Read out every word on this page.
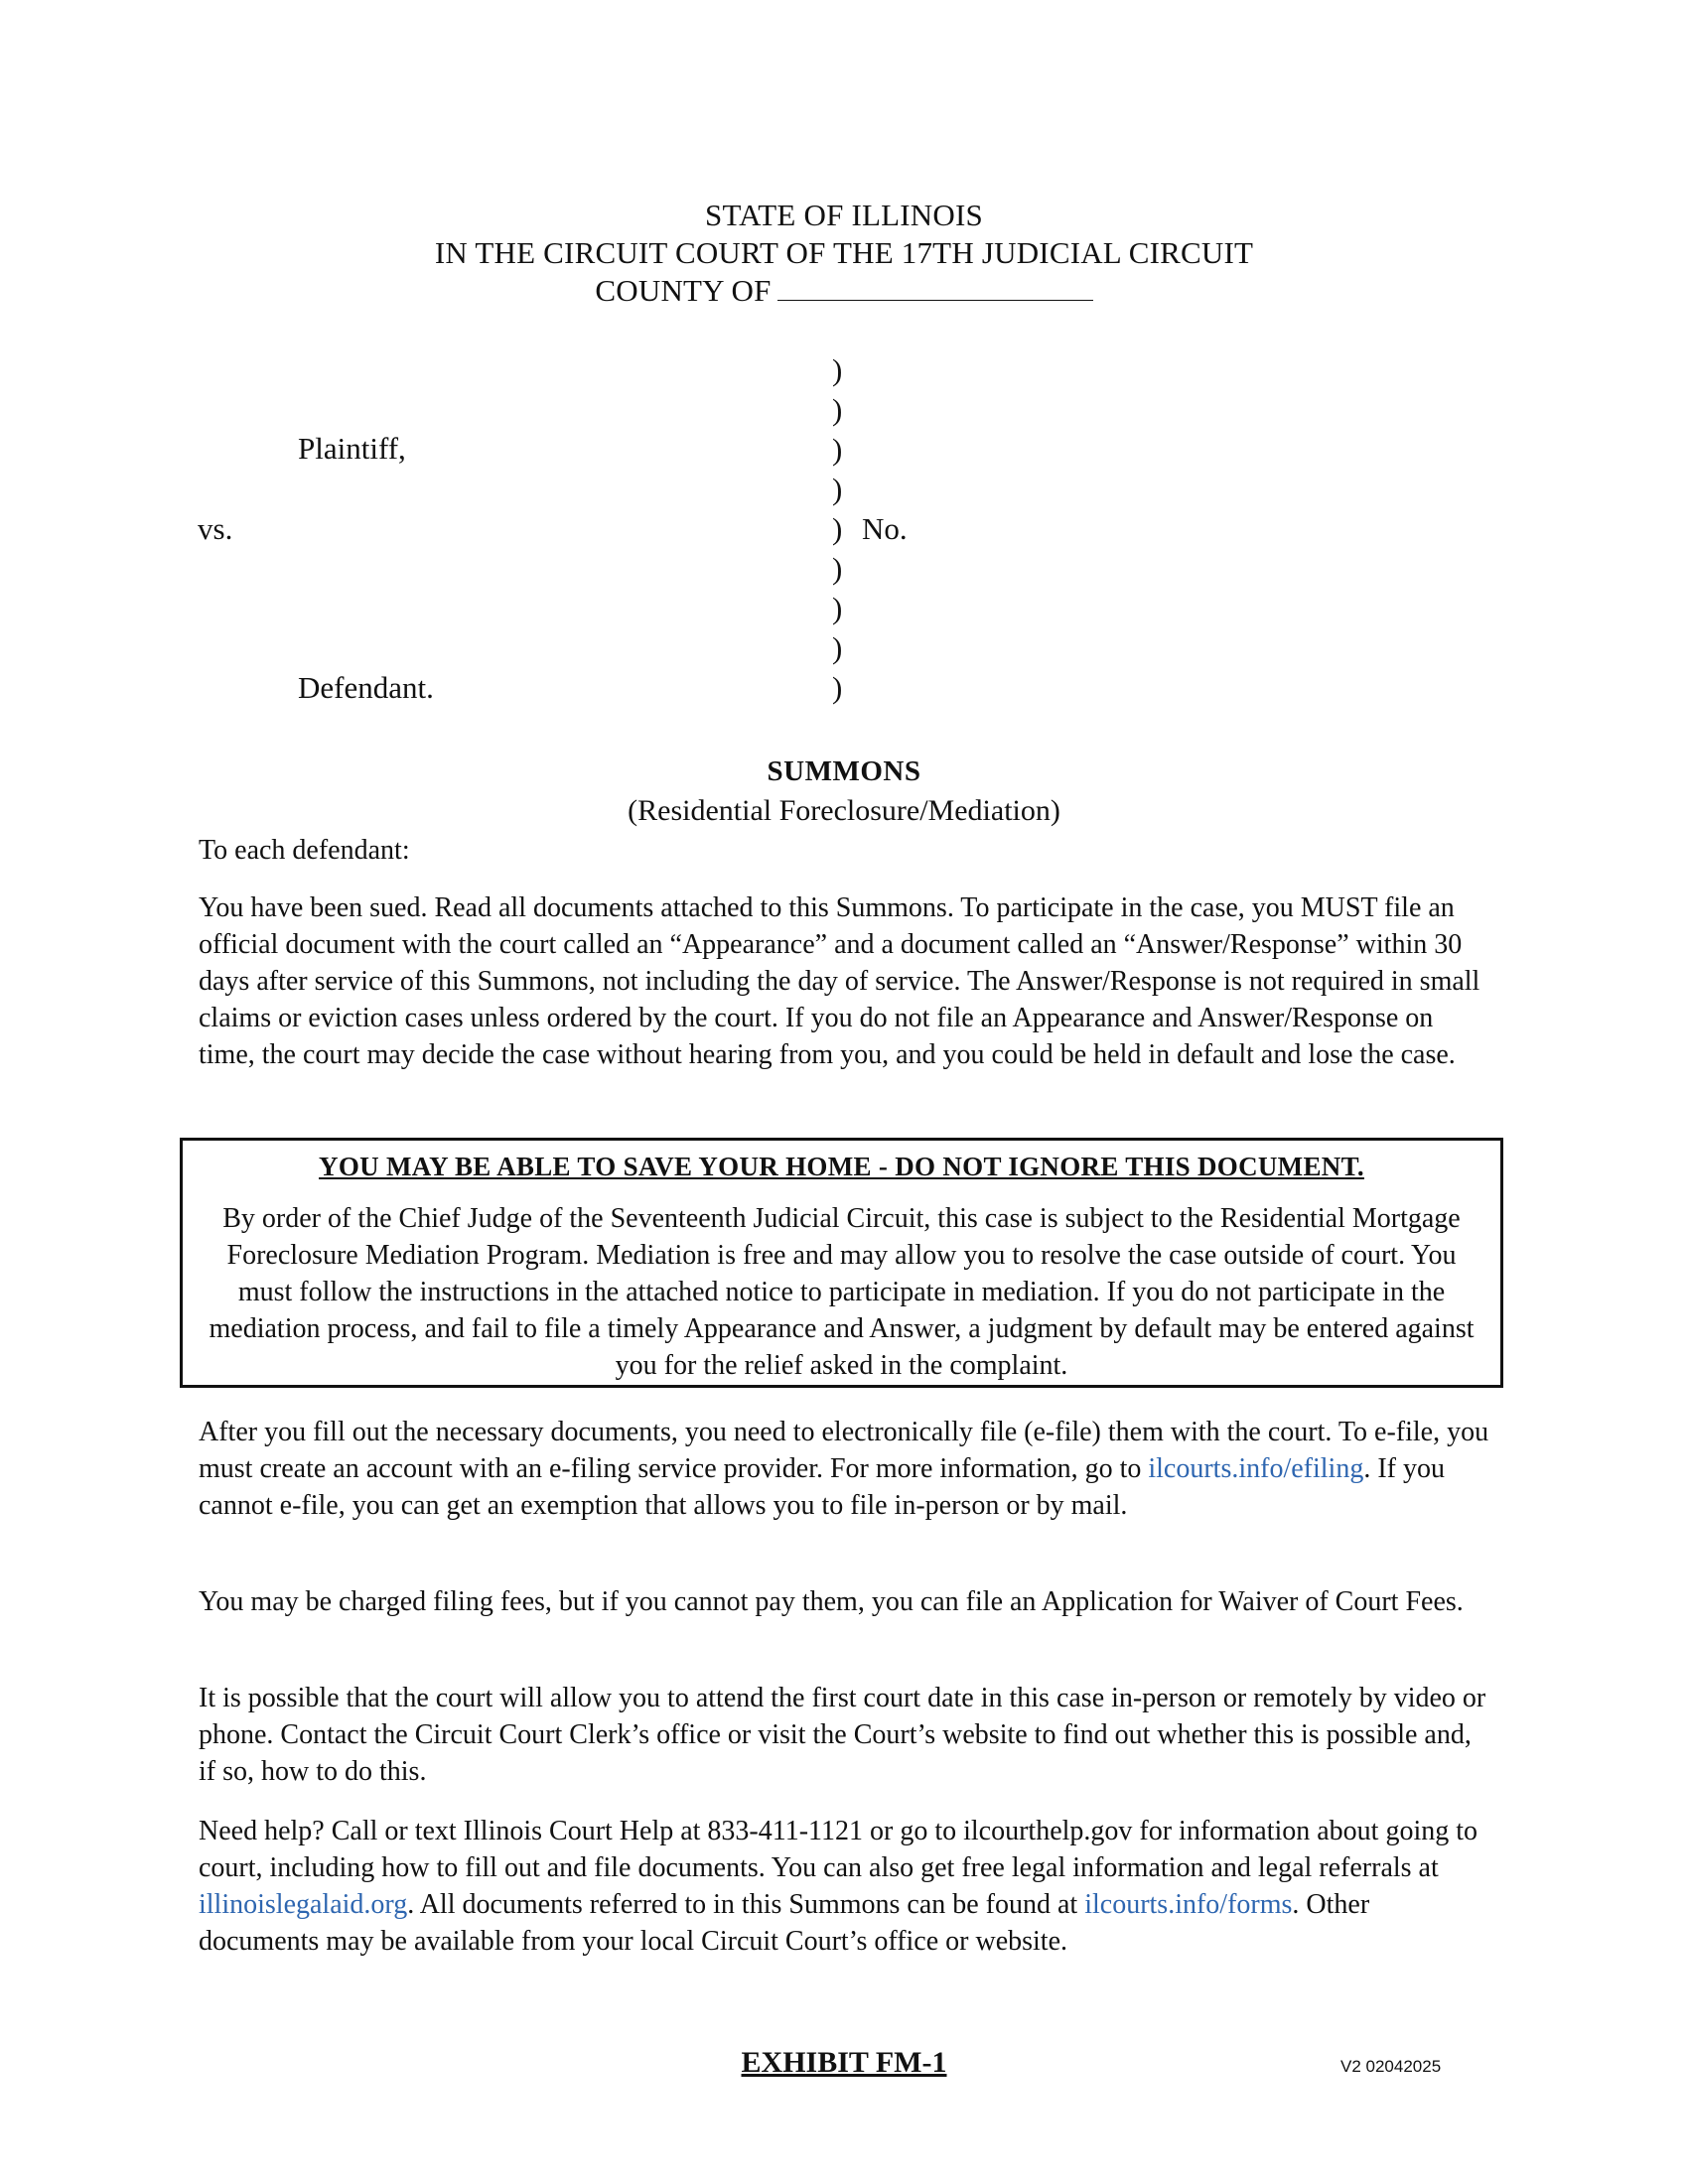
STATE OF ILLINOIS
IN THE CIRCUIT COURT OF THE 17TH JUDICIAL CIRCUIT
COUNTY OF
)
)
)
)
)
)
)
)
)
Plaintiff,
vs.	No.
Defendant.
SUMMONS
(Residential Foreclosure/Mediation)
To each defendant:
You have been sued. Read all documents attached to this Summons. To participate in the case, you MUST file an official document with the court called an “Appearance” and a document called an “Answer/Response” within 30 days after service of this Summons, not including the day of service. The Answer/Response is not required in small claims or eviction cases unless ordered by the court. If you do not file an Appearance and Answer/Response on time, the court may decide the case without hearing from you, and you could be held in default and lose the case.
YOU MAY BE ABLE TO SAVE YOUR HOME - DO NOT IGNORE THIS DOCUMENT.
By order of the Chief Judge of the Seventeenth Judicial Circuit, this case is subject to the Residential Mortgage Foreclosure Mediation Program. Mediation is free and may allow you to resolve the case outside of court. You must follow the instructions in the attached notice to participate in mediation. If you do not participate in the mediation process, and fail to file a timely Appearance and Answer, a judgment by default may be entered against you for the relief asked in the complaint.
After you fill out the necessary documents, you need to electronically file (e-file) them with the court. To e-file, you must create an account with an e-filing service provider. For more information, go to ilcourts.info/efiling. If you cannot e-file, you can get an exemption that allows you to file in-person or by mail.
You may be charged filing fees, but if you cannot pay them, you can file an Application for Waiver of Court Fees.
It is possible that the court will allow you to attend the first court date in this case in-person or remotely by video or phone. Contact the Circuit Court Clerk’s office or visit the Court’s website to find out whether this is possible and, if so, how to do this.
Need help? Call or text Illinois Court Help at 833-411-1121 or go to ilcourthelp.gov for information about going to court, including how to fill out and file documents. You can also get free legal information and legal referrals at illinoislegalaid.org. All documents referred to in this Summons can be found at ilcourts.info/forms. Other documents may be available from your local Circuit Court’s office or website.
EXHIBIT FM-1	V2 02042025
